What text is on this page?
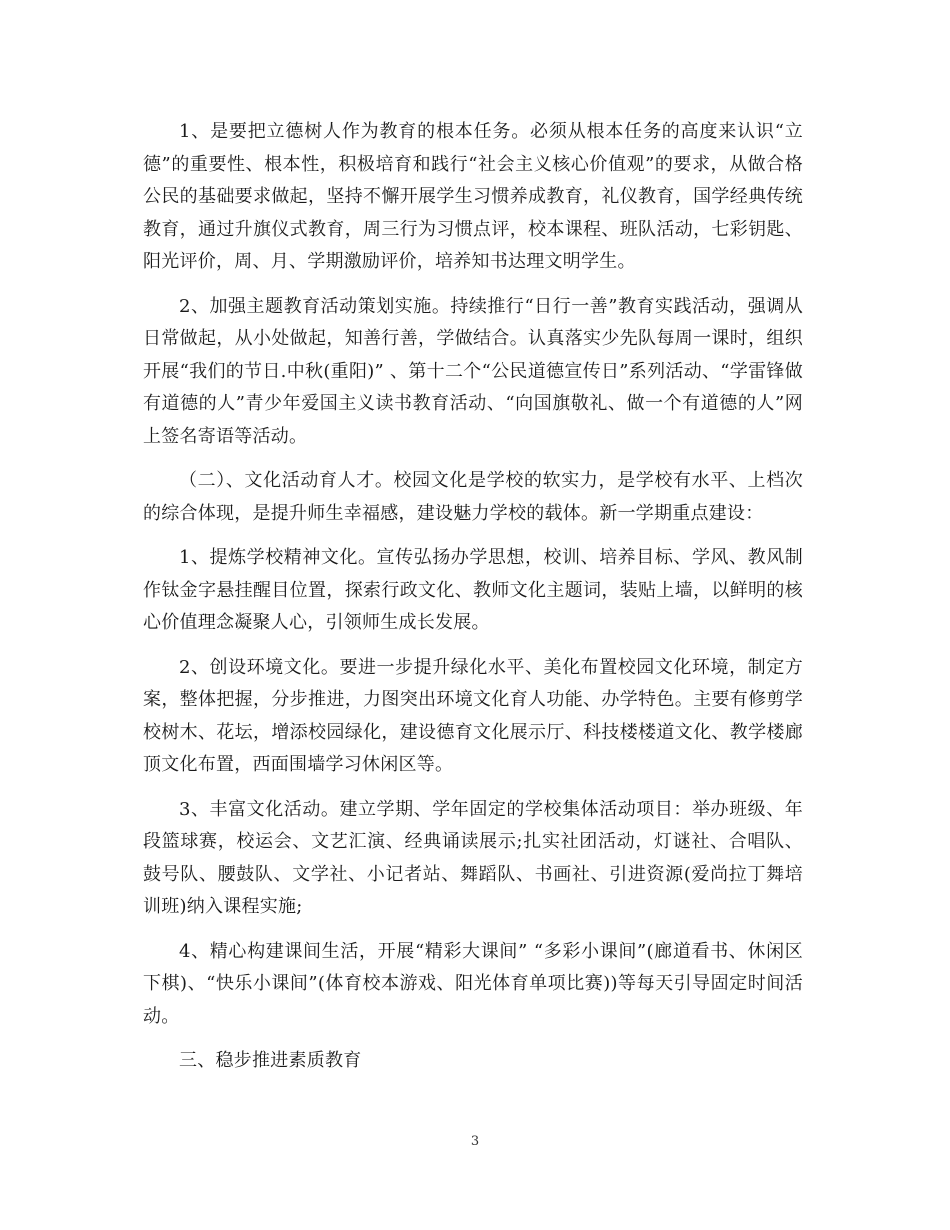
1、是要把立德树人作为教育的根本任务。必须从根本任务的高度来认识“立德”的重要性、根本性，积极培育和践行“社会主义核心价值观”的要求，从做合格公民的基础要求做起，坚持不懈开展学生习惯养成教育，礼仪教育，国学经典传统教育，通过升旗仪式教育，周三行为习惯点评，校本课程、班队活动，七彩钥匙、阳光评价，周、月、学期激励评价，培养知书达理文明学生。

2、加强主题教育活动策划实施。持续推行“日行一善”教育实践活动，强调从日常做起，从小处做起，知善行善，学做结合。认真落实少先队每周一课时，组织开展“我们的节日.中秋(重阳)” 、第十二个“公民道德宣传日”系列活动、“学雷锋做有道德的人”青少年爱国主义读书教育活动、“向国旗敬礼、做一个有道德的人”网上签名寄语等活动。

（二）、文化活动育人才。校园文化是学校的软实力，是学校有水平、上档次的综合体现，是提升师生幸福感，建设魅力学校的载体。新一学期重点建设：

1、提炼学校精神文化。宣传弘扬办学思想，校训、培养目标、学风、教风制作钛金字悬挂醒目位置，探索行政文化、教师文化主题词，装贴上墙，以鲜明的核心价值理念凝聚人心，引领师生成长发展。

2、创设环境文化。要进一步提升绿化水平、美化布置校园文化环境，制定方案，整体把握，分步推进，力图突出环境文化育人功能、办学特色。主要有修剪学校树木、花坛，增添校园绿化，建设德育文化展示厅、科技楼楼道文化、教学楼廊顶文化布置，西面围墙学习休闲区等。

3、丰富文化活动。建立学期、学年固定的学校集体活动项目：举办班级、年段篮球赛，校运会、文艺汇演、经典诵读展示;扎实社团活动，灯谜社、合唱队、鼓号队、腰鼓队、文学社、小记者站、舞蹈队、书画社、引进资源(爱尚拉丁舞培训班)纳入课程实施;

4、精心构建课间生活，开展“精彩大课间” “多彩小课间”(廊道看书、休闲区下棋)、“快乐小课间”(体育校本游戏、阳光体育单项比赛))等每天引导固定时间活动。

三、稳步推进素质教育

3
